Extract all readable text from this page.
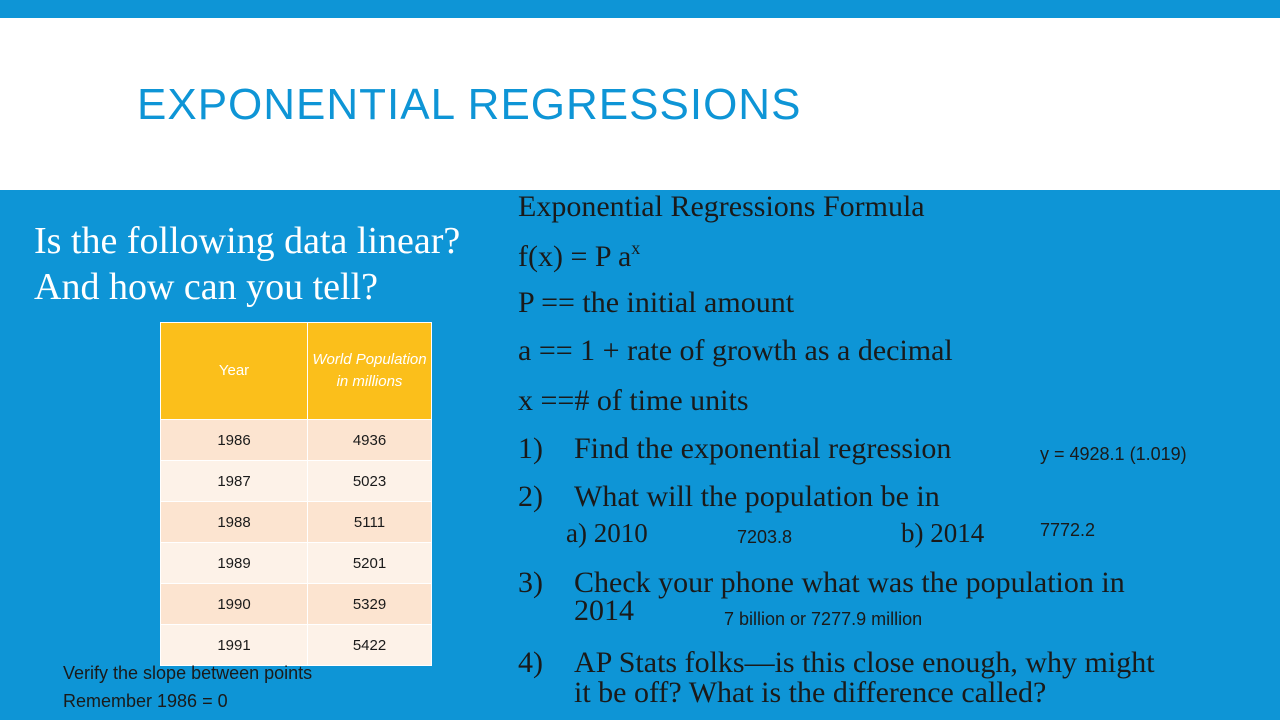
EXPONENTIAL REGRESSIONS
Is the following data linear? And how can you tell?
Year	World Population in millions
1986	4936
1987	5023
1988	5111
1989	5201
1990	5329
1991	5422
Verify the slope between points
Remember 1986 = 0
Exponential Regressions Formula
f(x) = P $a^x$
P == the initial amount
a == 1 + rate of growth as a decimal
x ==# of time units
1) Find the exponential regression	y = 4928.1 (1.019)
2) What will the population be in
a) 2010	7203.8	b) 2014	7772.2
3) Check your phone what was the population in
2014	7 billion or 7277.9 million
4) AP Stats folks—is this close enough, why might
it be off? What is the difference called?
